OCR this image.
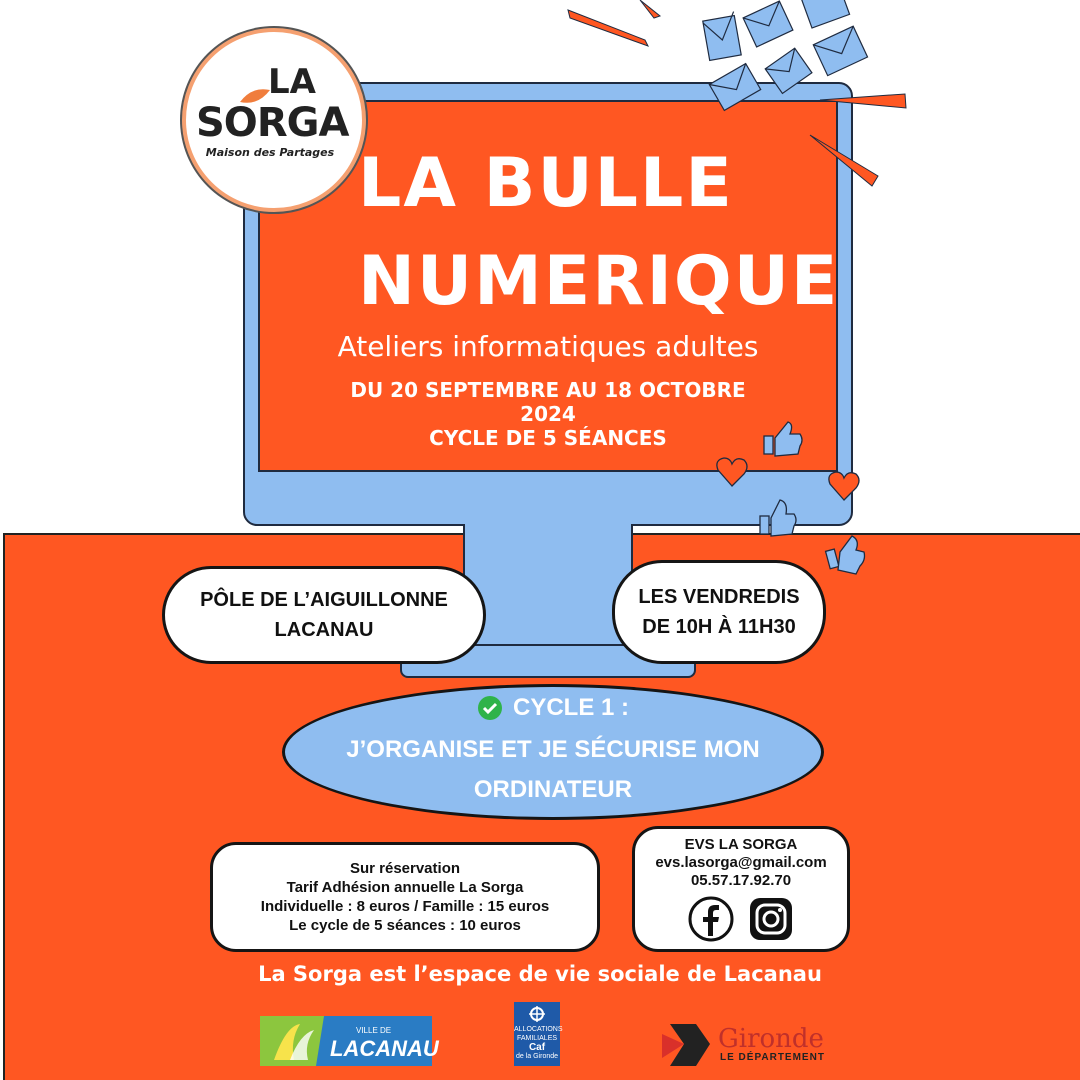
LA
SORGA
Maison des Partages LA BULLE
NUMERIQUE
Ateliers informatiques adultes
DU 20 SEPTEMBRE AU 18 OCTOBRE
2024
CYCLE DE 5 SÉANCES
PÔLE DE L’AIGUILLONNE
LACANAU
LES VENDREDIS
DE 10H À 11H30
CYCLE 1 :
J’ORGANISE ET JE SÉCURISE MON
ORDINATEUR
Sur réservation
Tarif Adhésion annuelle La Sorga
Individuelle : 8 euros / Famille : 15 euros
Le cycle de 5 séances : 10 euros
EVS LA SORGA
evs.lasorga@gmail.com
05.57.17.92.70
La Sorga est l’espace de vie sociale de Lacanau
VILLE DE
LACANAU
ALLOCATIONS
FAMILIALES
Caf
de la Gironde
Gironde
LE DÉPARTEMENT
